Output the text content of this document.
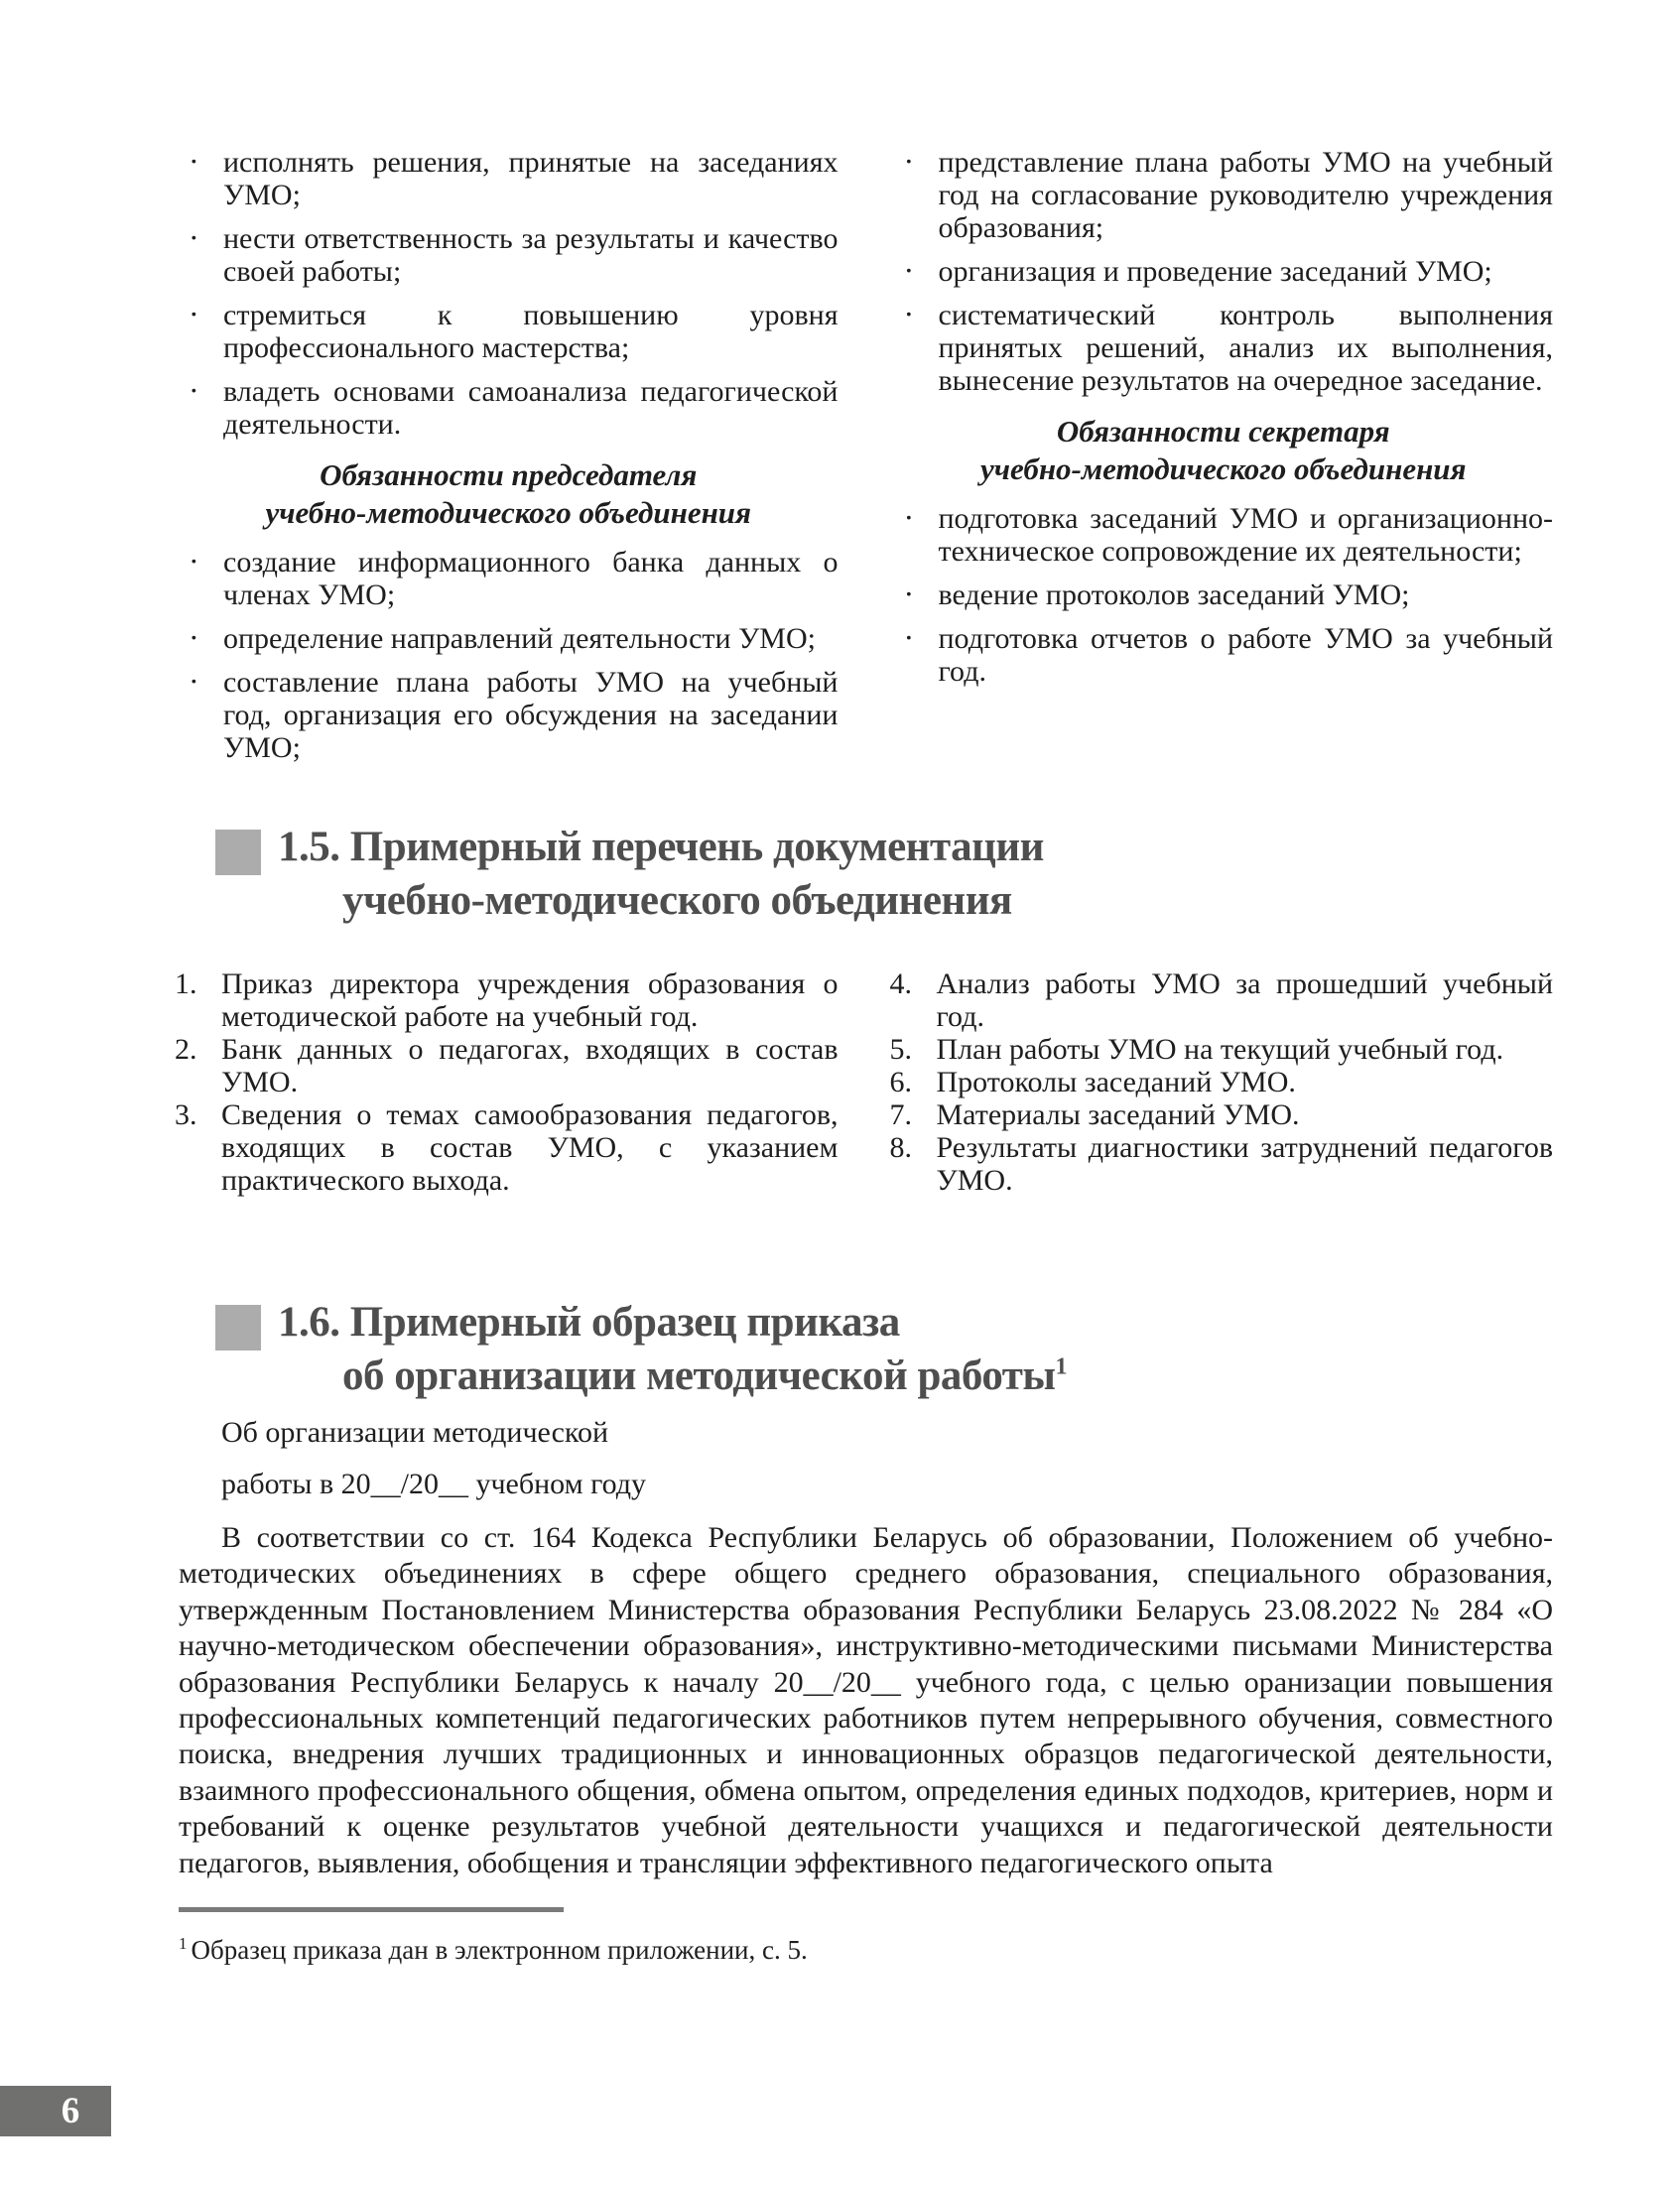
· исполнять решения, принятые на заседаниях УМО;
· нести ответственность за результаты и качество своей работы;
· стремиться к повышению уровня профессионального мастерства;
· владеть основами самоанализа педагогической деятельности.
Обязанности председателя
учебно-методического объединения
· создание информационного банка данных о членах УМО;
· определение направлений деятельности УМО;
· составление плана работы УМО на учебный год, организация его обсуждения на заседании УМО;
· представление плана работы УМО на учебный год на согласование руководителю учреждения образования;
· организация и проведение заседаний УМО;
· систематический контроль выполнения принятых решений, анализ их выполнения, вынесение результатов на очередное заседание.
Обязанности секретаря
учебно-методического объединения
· подготовка заседаний УМО и организационно-техническое сопровождение их деятельности;
· ведение протоколов заседаний УМО;
· подготовка отчетов о работе УМО за учебный год.
1.5. Примерный перечень документации
учебно-методического объединения
1. Приказ директора учреждения образования о методической работе на учебный год.
2. Банк данных о педагогах, входящих в состав УМО.
3. Сведения о темах самообразования педагогов, входящих в состав УМО, с указанием практического выхода.
4. Анализ работы УМО за прошедший учебный год.
5. План работы УМО на текущий учебный год.
6. Протоколы заседаний УМО.
7. Материалы заседаний УМО.
8. Результаты диагностики затруднений педагогов УМО.
1.6. Примерный образец приказа
об организации методической работы$^1$
Об организации методической
работы в 20__/20__ учебном году
В соответствии со ст. 164 Кодекса Республики Беларусь об образовании, Положением об учебно-методических объединениях в сфере общего среднего образования, специального образования, утвержденным Постановлением Министерства образования Республики Беларусь 23.08.2022 № 284 «О научно-методическом обеспечении образования», инструктивно-методическими письмами Министерства образования Республики Беларусь к началу 20__/20__ учебного года, с целью оранизации повышения профессиональных компетенций педагогических работников путем непрерывного обучения, совместного поиска, внедрения лучших традиционных и инновационных образцов педагогической деятельности, взаимного профессионального общения, обмена опытом, определения единых подходов, критериев, норм и требований к оценке результатов учебной деятельности учащихся и педагогической деятельности педагогов, выявления, обобщения и трансляции эффективного педагогического опыта
$^1$ Образец приказа дан в электронном приложении, с. 5.
6
